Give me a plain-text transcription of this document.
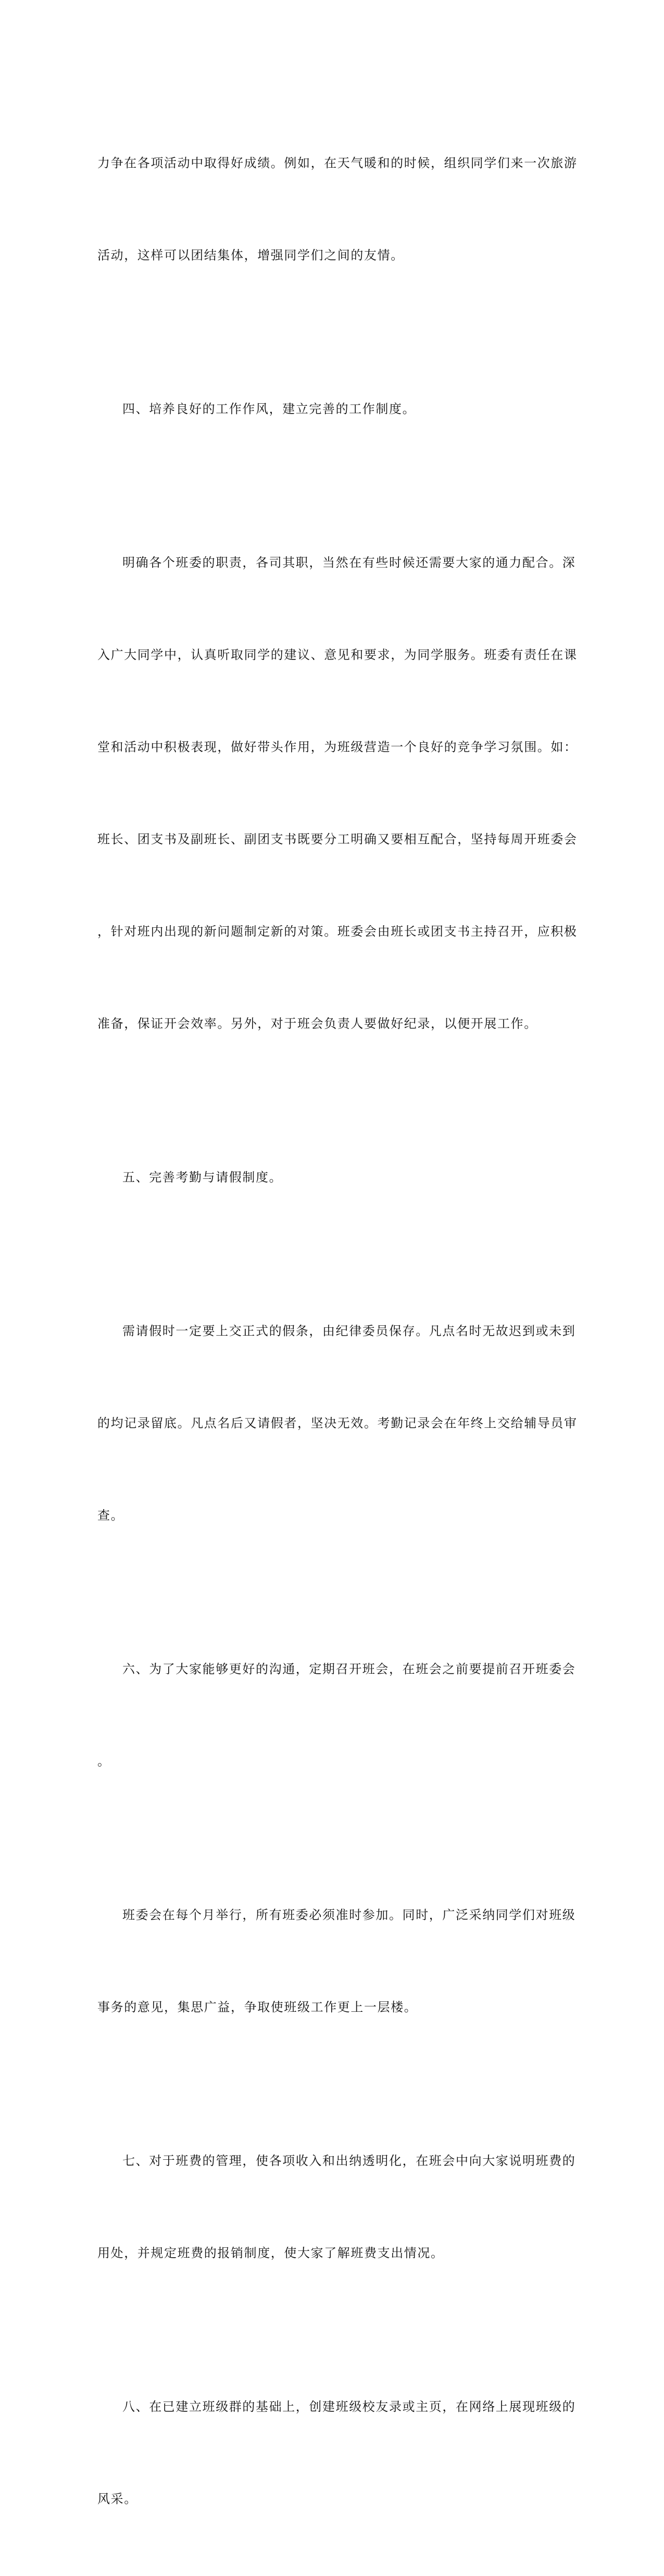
力争在各项活动中取得好成绩。例如，在天气暖和的时候，组织同学们来一次旅游

活动，这样可以团结集体，增强同学们之间的友情。

四、培养良好的工作作风，建立完善的工作制度。

明确各个班委的职责，各司其职，当然在有些时候还需要大家的通力配合。深

入广大同学中，认真听取同学的建议、意见和要求，为同学服务。班委有责任在课

堂和活动中积极表现，做好带头作用，为班级营造一个良好的竞争学习氛围。如：

班长、团支书及副班长、副团支书既要分工明确又要相互配合，坚持每周开班委会

，针对班内出现的新问题制定新的对策。班委会由班长或团支书主持召开，应积极

准备，保证开会效率。另外，对于班会负责人要做好纪录，以便开展工作。

五、完善考勤与请假制度。

需请假时一定要上交正式的假条，由纪律委员保存。凡点名时无故迟到或未到

的均记录留底。凡点名后又请假者，坚决无效。考勤记录会在年终上交给辅导员审

查。

六、为了大家能够更好的沟通，定期召开班会，在班会之前要提前召开班委会

。

班委会在每个月举行，所有班委必须准时参加。同时，广泛采纳同学们对班级

事务的意见，集思广益，争取使班级工作更上一层楼。

七、对于班费的管理，使各项收入和出纳透明化，在班会中向大家说明班费的

用处，并规定班费的报销制度，使大家了解班费支出情况。

八、在已建立班级群的基础上，创建班级校友录或主页，在网络上展现班级的

风采。
